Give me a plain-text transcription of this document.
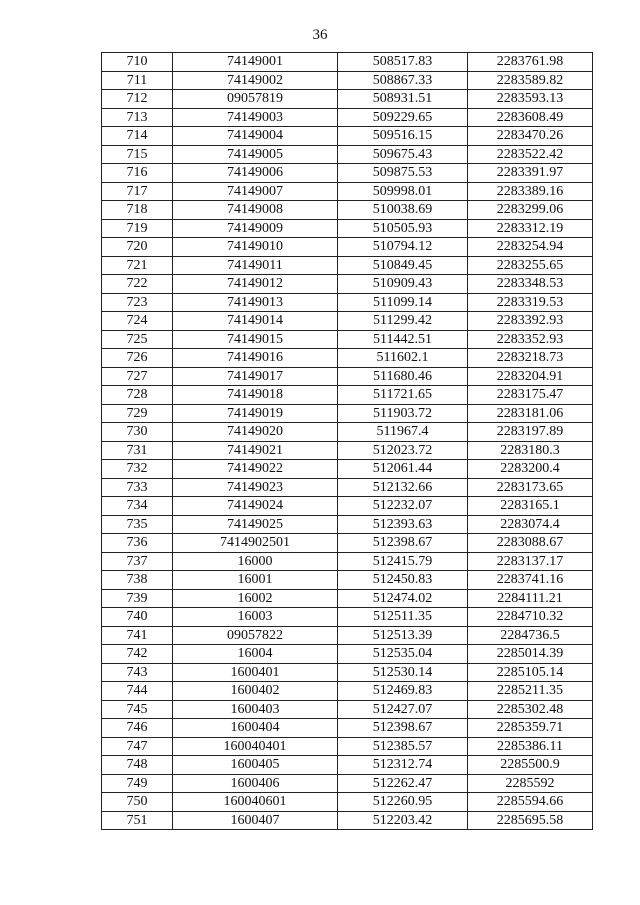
36
710	74149001	508517.83	2283761.98
711	74149002	508867.33	2283589.82
712	09057819	508931.51	2283593.13
713	74149003	509229.65	2283608.49
714	74149004	509516.15	2283470.26
715	74149005	509675.43	2283522.42
716	74149006	509875.53	2283391.97
717	74149007	509998.01	2283389.16
718	74149008	510038.69	2283299.06
719	74149009	510505.93	2283312.19
720	74149010	510794.12	2283254.94
721	74149011	510849.45	2283255.65
722	74149012	510909.43	2283348.53
723	74149013	511099.14	2283319.53
724	74149014	511299.42	2283392.93
725	74149015	511442.51	2283352.93
726	74149016	511602.1	2283218.73
727	74149017	511680.46	2283204.91
728	74149018	511721.65	2283175.47
729	74149019	511903.72	2283181.06
730	74149020	511967.4	2283197.89
731	74149021	512023.72	2283180.3
732	74149022	512061.44	2283200.4
733	74149023	512132.66	2283173.65
734	74149024	512232.07	2283165.1
735	74149025	512393.63	2283074.4
736	7414902501	512398.67	2283088.67
737	16000	512415.79	2283137.17
738	16001	512450.83	2283741.16
739	16002	512474.02	2284111.21
740	16003	512511.35	2284710.32
741	09057822	512513.39	2284736.5
742	16004	512535.04	2285014.39
743	1600401	512530.14	2285105.14
744	1600402	512469.83	2285211.35
745	1600403	512427.07	2285302.48
746	1600404	512398.67	2285359.71
747	160040401	512385.57	2285386.11
748	1600405	512312.74	2285500.9
749	1600406	512262.47	2285592
750	160040601	512260.95	2285594.66
751	1600407	512203.42	2285695.58
